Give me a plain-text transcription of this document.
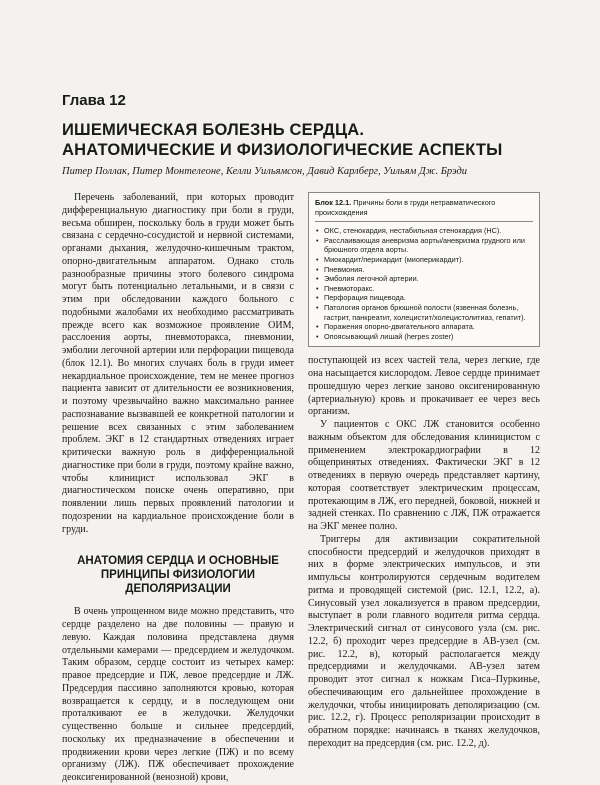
Глава 12
ИШЕМИЧЕСКАЯ БОЛЕЗНЬ СЕРДЦА.
АНАТОМИЧЕСКИЕ И ФИЗИОЛОГИЧЕСКИЕ АСПЕКТЫ
Питер Поллак, Питер Монтелеоне, Келли Уильямсон, Давид Карлберг, Уильям Дж. Брэди

Перечень заболеваний, при которых проводит дифференциальную диагностику при боли в груди, весьма обширен, поскольку боль в груди может быть связана с сердечно-сосудистой и нервной системами, органами дыхания, желудочно-кишечным трактом, опорно-двигательным аппаратом. Однако столь разнообразные причины этого болевого синдрома могут быть потенциально летальными, и в связи с этим при обследовании каждого больного с подобными жалобами их необходимо рассматривать прежде всего как возможное проявление ОИМ, расслоения аорты, пневмоторакса, пневмонии, эмболии легочной артерии или перфорации пищевода (блок 12.1). Во многих случаях боль в груди имеет некардиальное происхождение, тем не менее прогноз пациента зависит от длительности ее возникновения, и поэтому чрезвычайно важно максимально раннее распознавание вызвавшей ее конкретной патологии и решение всех связанных с этим заболеванием проблем. ЭКГ в 12 стандартных отведениях играет критически важную роль в дифференциальной диагностике при боли в груди, поэтому крайне важно, чтобы клиницист использовал ЭКГ в диагностическом поиске очень оперативно, при появлении лишь первых проявлений патологии и подозрении на кардиальное происхождение боли в груди.

АНАТОМИЯ СЕРДЦА И ОСНОВНЫЕ
ПРИНЦИПЫ ФИЗИОЛОГИИ
ДЕПОЛЯРИЗАЦИИ

В очень упрощенном виде можно представить, что сердце разделено на две половины — правую и левую. Каждая половина представлена двумя отдельными камерами — предсердием и желудочком. Таким образом, сердце состоит из четырех камер: правое предсердие и ПЖ, левое предсердие и ЛЖ. Предсердия пассивно заполняются кровью, которая возвращается к сердцу, и в последующем они проталкивают ее в желудочки. Желудочки существенно больше и сильнее предсердий, поскольку их предназначение в обеспечении и продвижении крови через легкие (ПЖ) и по всему организму (ЛЖ). ПЖ обеспечивает прохождение деоксигенированной (венозной) крови,

Блок 12.1. Причины боли в груди нетравматического происхождения
• ОКС, стенокардия, нестабильная стенокардия (НС).
• Расслаивающая аневризма аорты/аневризма грудного или брюшного отдела аорты.
• Миокардит/перикардит (миоперикардит).
• Пневмония.
• Эмболия легочной артерии.
• Пневмоторакс.
• Перфорация пищевода.
• Патология органов брюшной полости (язвенная болезнь, гастрит, панкреатит, холецистит/холецистолитиаз, гепатит).
• Поражения опорно-двигательного аппарата.
• Опоясывающий лишай (herpes zoster)

поступающей из всех частей тела, через легкие, где она насыщается кислородом. Левое сердце принимает прошедшую через легкие заново оксигенированную (артериальную) кровь и прокачивает ее через весь организм.

У пациентов с ОКС ЛЖ становится особенно важным объектом для обследования клиницистом с применением электрокардиографии в 12 общепринятых отведениях. Фактически ЭКГ в 12 отведениях в первую очередь представляет картину, которая соответствует электрическим процессам, протекающим в ЛЖ, его передней, боковой, нижней и задней стенках. По сравнению с ЛЖ, ПЖ отражается на ЭКГ менее полно.

Триггеры для активизации сократительной способности предсердий и желудочков приходят в них в форме электрических импульсов, и эти импульсы контролируются сердечным водителем ритма и проводящей системой (рис. 12.1, 12.2, а). Синусовый узел локализуется в правом предсердии, выступает в роли главного водителя ритма сердца. Электрический сигнал от синусового узла (см. рис. 12.2, б) проходит через предсердие в АВ-узел (см. рис. 12.2, в), который располагается между предсердиями и желудочками. АВ-узел затем проводит этот сигнал к ножкам Гиса–Пуркинье, обеспечивающим его дальнейшее прохождение в желудочки, чтобы инициировать деполяризацию (см. рис. 12.2, г). Процесс реполяризации происходит в обратном порядке: начинаясь в тканях желудочков, переходит на предсердия (см. рис. 12.2, д).
